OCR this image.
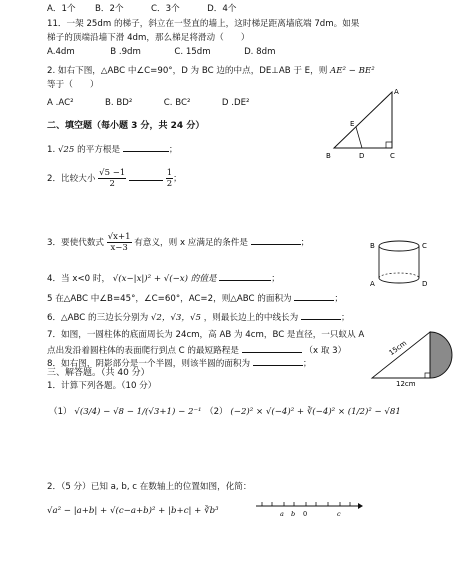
A．1个 B．2个	C．3个	D．4个
11．一架 25dm 的梯子，斜立在一竖直的墙上，这时梯足距离墙底端 7dm。如果
梯子的顶端沿墙下滑 4dm，那么梯足将滑动（　　）
A.4dm	B .9dm	C. 15dm	D. 8dm
2. 如右下图，△ABC 中∠C=90°，D 为 BC 边的中点，DE⊥AB 于 E，则 AE² − BE²
等于（　　）
A .AC²	B. BD²	C. BC²	D .DE²
A
E
B	D	C
二、填空题（每小题 3 分，共 24 分）
1. √25 的平方根是	；
2．比较大小 $\frac{√5 -1}{2}$
	$\frac{1}{2}$ ；
3．要使代数式 $\frac{√x+1}{x-3}$ 有意义，则 x 应满足的条件是	；	B	C
A	D
4．当 x<0 时， √(x−|x|)² + √(−x) 的值是	；
5 在△ABC 中∠B=45°，∠C=60°，AC=2，则△ABC 的面积为	；
6．△ABC 的三边长分别为 √2，√3，√5 ，则最长边上的中线长为	；
7．如图，一圆柱体的底面周长为 24cm，高 AB 为 4cm，BC 是直径，一只蚁从 A
点出发沿着圆柱体的表面爬行到点 C 的最短路程是	（x 取 3）
8．如右图，阴影部分是一个半圆，则该半圆的面积为	；
15cm
12cm
三、解答题。（共 40 分）
1．计算下列各题。（10 分）
（1） √(3/4) − √8 − 1/(√3+1) − 2⁻¹ （2） (−2)² × √(−4)² + ∛(−4)² × (1/2)² − √81
2．（5 分）已知 a, b, c 在数轴上的位置如图，化简：
√a² − |a+b| + √(c−a+b)² + |b+c| + ∛b³	a b 0	c
